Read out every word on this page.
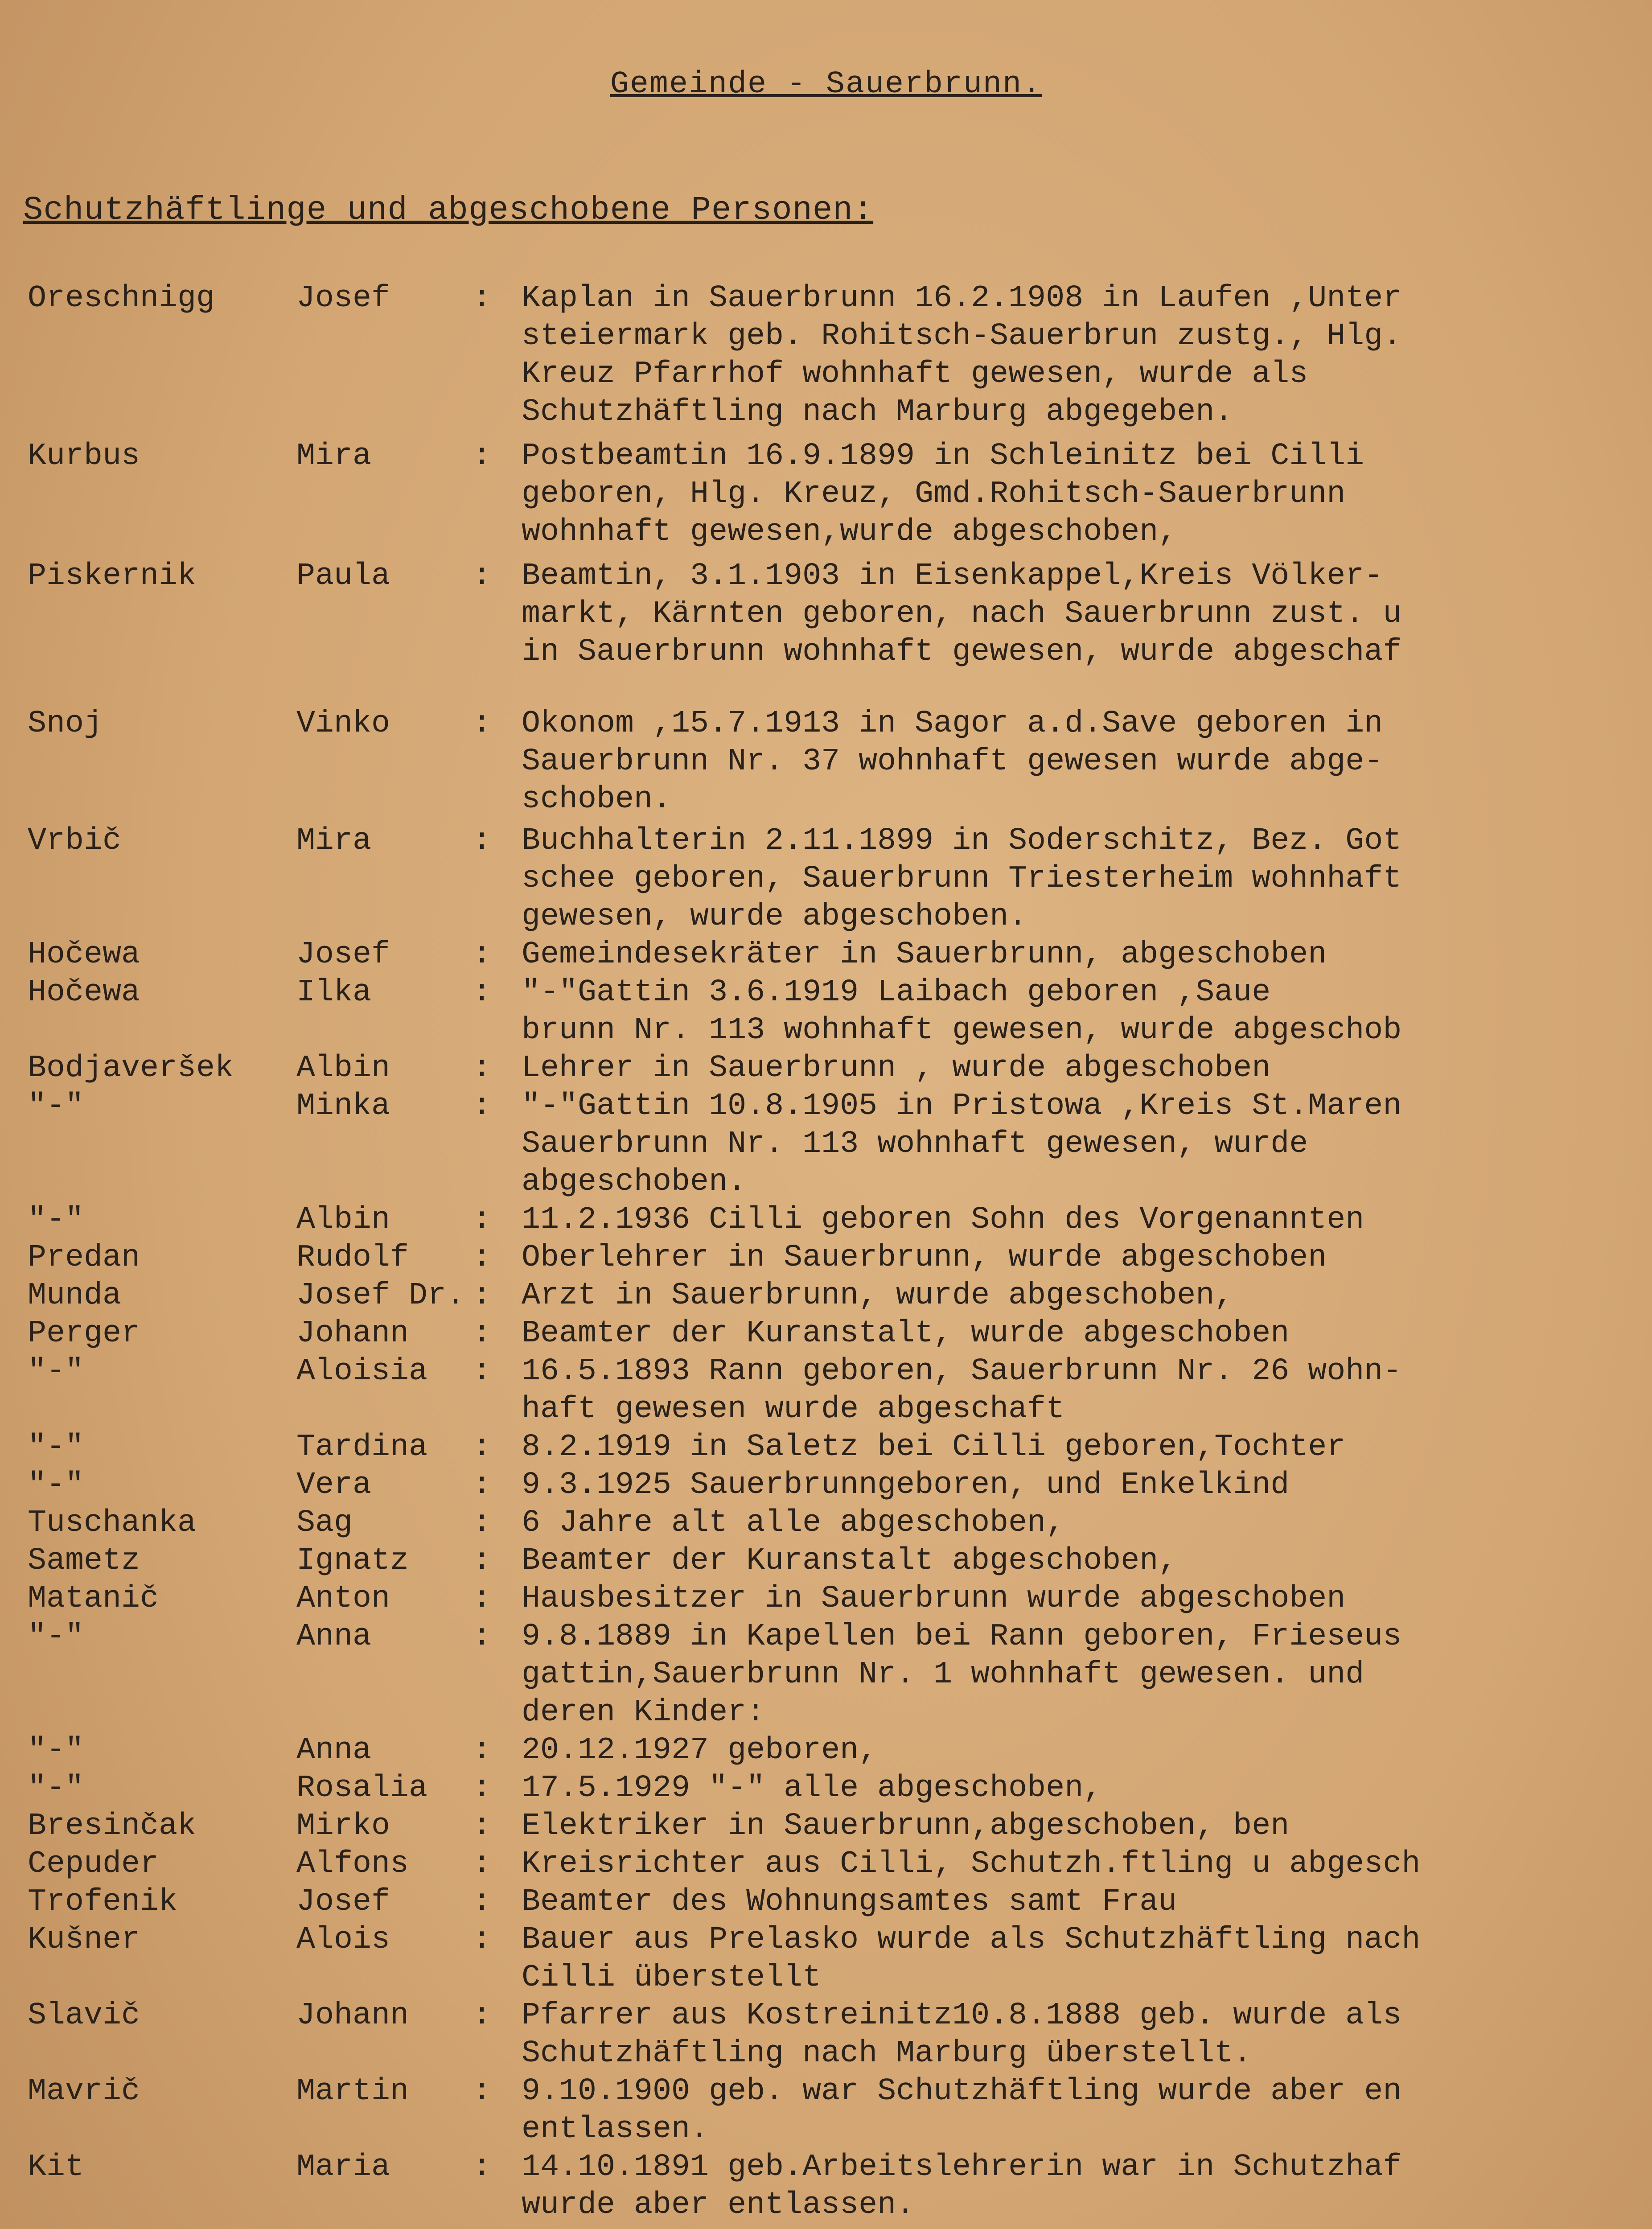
Gemeinde - Sauerbrunn.
Schutzhäftlinge und abgeschobene Personen:
Oreschnigg	Josef	: Kaplan in Sauerbrunn 16.2.1908 in Laufen ,Unter
steiermark geb. Rohitsch-Sauerbrun zustg., Hlg.
Kreuz Pfarrhof wohnhaft gewesen, wurde als
Schutzhäftling nach Marburg abgegeben.
Kurbus	Mira	: Postbeamtin 16.9.1899 in Schleinitz bei Cilli
geboren, Hlg. Kreuz, Gmd.Rohitsch-Sauerbrunn
wohnhaft gewesen,wurde abgeschoben,
Piskernik	Paula	: Beamtin, 3.1.1903 in Eisenkappel,Kreis Völker-
markt, Kärnten geboren, nach Sauerbrunn zust. u
in Sauerbrunn wohnhaft gewesen, wurde abgeschaf
Snoj	Vinko	: Okonom ,15.7.1913 in Sagor a.d.Save geboren in
Sauerbrunn Nr. 37 wohnhaft gewesen wurde abge-
schoben.
Vrbič	Mira	: Buchhalterin 2.11.1899 in Soderschitz, Bez. Got
schee geboren, Sauerbrunn Triesterheim wohnhaft
gewesen, wurde abgeschoben.
Hočewa	Josef	: Gemeindesekräter in Sauerbrunn, abgeschoben
Hočewa	Ilka	: "-"Gattin 3.6.1919 Laibach geboren ,Saue
brunn Nr. 113 wohnhaft gewesen, wurde abgeschob
Bodjaveršek Albin	: Lehrer in Sauerbrunn , wurde abgeschoben
"-"	Minka	: "-"Gattin 10.8.1905 in Pristowa ,Kreis St.Maren
Sauerbrunn Nr. 113 wohnhaft gewesen, wurde
abgeschoben.
"-"	Albin	: 11.2.1936 Cilli geboren Sohn des Vorgenannten
Predan	Rudolf : Oberlehrer in Sauerbrunn, wurde abgeschoben
Munda	Josef Dr. : Arzt in Sauerbrunn, wurde abgeschoben,
Perger	Johann : Beamter der Kuranstalt, wurde abgeschoben
"-"	Aloisia : 16.5.1893 Rann geboren, Sauerbrunn Nr. 26 wohn-
haft gewesen wurde abgeschaft
"-"	Tardina : 8.2.1919 in Saletz bei Cilli geboren,Tochter
"-"	Vera	: 9.3.1925 Sauerbrunngeboren, und Enkelkind
Tuschanka	Sag	: 6 Jahre alt alle abgeschoben,
Sametz	Ignatz : Beamter der Kuranstalt abgeschoben,
Matanič	Anton	: Hausbesitzer in Sauerbrunn wurde abgeschoben
"-"	Anna	: 9.8.1889 in Kapellen bei Rann geboren, Frieseus
gattin,Sauerbrunn Nr. 1 wohnhaft gewesen. und
deren Kinder:
"-"	Anna	: 20.12.1927 geboren,
"-"	Rosalia : 17.5.1929 "-" alle abgeschoben,
Bresinčak	Mirko	: Elektriker in Sauerbrunn,abgeschoben, ben
Cepuder	Alfons : Kreisrichter aus Cilli, Schutzh.ftling u abgesch
Trofenik	Josef	: Beamter des Wohnungsamtes samt Frau
Kušner	Alois	: Bauer aus Prelasko wurde als Schutzhäftling nach
Cilli überstellt
Slavič	Johann : Pfarrer aus Kostreinitz10.8.1888 geb. wurde als
Schutzhäftling nach Marburg überstellt.
Mavrič	Martin : 9.10.1900 geb. war Schutzhäftling wurde aber en
entlassen.
Kit	Maria	: 14.10.1891 geb.Arbeitslehrerin war in Schutzhaf
wurde aber entlassen.
